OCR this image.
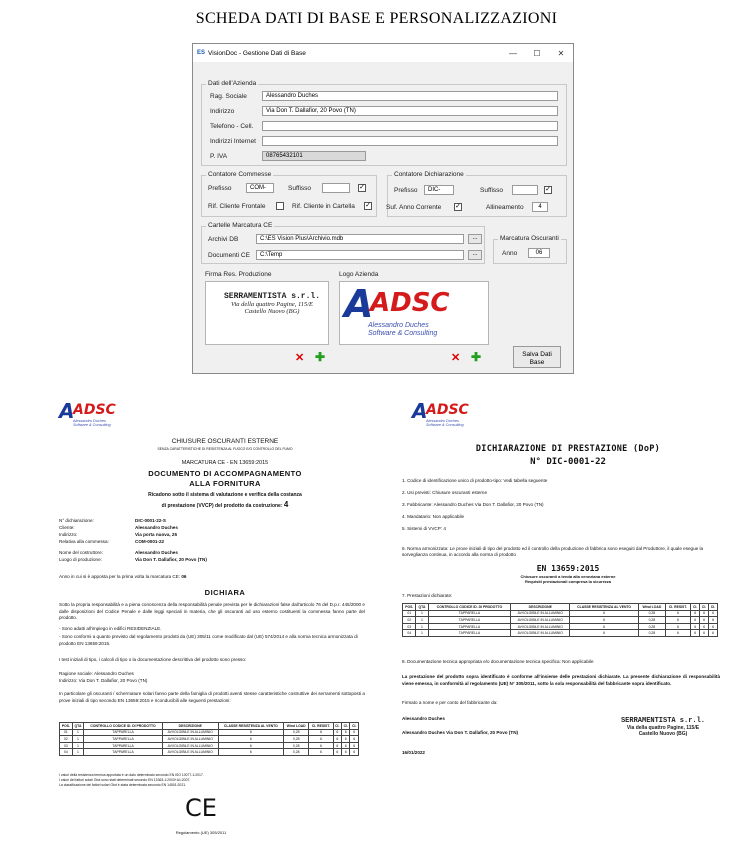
SCHEDA DATI DI BASE E PERSONALIZZAZIONI
ES VisionDoc - Gestione Dati di Base	—	☐	✕
Dati dell'Azienda
Rag. Sociale	Alessandro Duches
Indirizzo	Via Don T. Dallafior, 20 Povo (TN)
Telefono - Cell.
Indirizzi Internet
P. IVA	08765432101
Contatore Commesse
Prefisso	COM-	Suffisso	✓
Rif. Cliente Frontale	Rif. Cliente in Cartella ✓
Contatore Dichiarazione
Prefisso	DIC-	Suffisso	✓
Suf. Anno Corrente ✓	Allineamento	4
Cartelle Marcatura CE
Archivi DB	C:\ES Vision Plus\Archivio.mdb	...
Documenti CE	C:\Temp	...
Marcatura Oscuranti
Anno	06
Firma Res. Produzione
SERRAMENTISTA s.r.l.
Via della quattro Pagine, 115/E
Castello Nuovo (BG)
✕ ✚
Logo Azienda
A
ADSC
Alessandro Duches
Software & Consulting
✕ ✚	Salva Dati Base
A
ADSC
Alessandro Duches
Software & Consulting
CHIUSURE OSCURANTI ESTERNE
SENZA CARATTERISTICHE DI RESISTENZA AL FUOCO E/O CONTROLLO DEL FUMO
MARCATURA CE - EN 13659:2015
DOCUMENTO DI ACCOMPAGNAMENTO
ALLA FORNITURA
Ricadono sotto il sistema di valutazione e verifica della costanza
di prestazione (VVCP) del prodotto da costruzione: 4
N° dichiarazione:	DIC-0001-22-S
Cliente:	Alessandro Duches
Indirizzo:	Via porta nuova, 25
Relativa alla commessa:	COM-0001-22
Nome del costruttore:	Alessandro Duches
Luogo di produzione:	Via Don T. Dallafior, 20 Povo (TN)
Anno in cui si è apposta per la prima volta la marcatura CE: 06
DICHIARA
Sotto la propria responsabilità e a piena conoscenza della responsabilità penale prevista per le dichiarazioni false dall'articolo 76 del D.p.r. 445/2000 e dalle disposizioni del Codice Penale e dalle leggi speciali in materia, che gli oscuranti ad uso esterno costituenti la commessa fanno parte del prodotto.
- Sono adatti all'impiego in edifici RESIDENZIALE.
- Sono conformi a quanto previsto dal regolamento prodotti da (UE) 305/11 come modificato dal (UE) 574/2014 e alla norma tecnica armonizzata di prodotto EN 13659:2015.
I test iniziali di tipo, i calcoli di tipo o la documentazione descrittiva del prodotto sono presso:
Ragione sociale: Alessandro Duches
Indirizzo: Via Don T. Dallafior, 20 Povo (TN)
In particolare gli oscuranti / schermature solari fanno parte della famiglia di prodotti aventi stesse caratteristiche costruttive dei serramenti sottoposti a prove iniziali di tipo secondo EN 13659:2015 e riconducibili alle seguenti prestazioni:
POS.	QTA	CONTROLLO CODICE ID. DI PRODOTTO	DESCRIZIONE	CLASSE RESISTENZA AL VENTO	Wind LOAD	Cl. RESIST.	Cl.	Cl.	Cl.
01	1	TAPPARELLA	AVVOLGIBILE IN ALLUMINIO	6	0,28	6	6	6	6
02	1	TAPPARELLA	AVVOLGIBILE IN ALLUMINIO	6	0,28	6	6	6	6
03	1	TAPPARELLA	AVVOLGIBILE IN ALLUMINIO	6	0,28	6	6	6	6
04	1	TAPPARELLA	AVVOLGIBILE IN ALLUMINIO	6	0,28	6	6	6	6
I valori della resistenza termica apportata è un dato determinato secondo EN ISO 10077-1:2017.
I valori dei fattori solari Gtot sono stati determinati secondo EN 13363-1:2003+A1:2007.
La classificazione dei fattori solari Gtot è stata determinata secondo EN 14501:2021.
CE
Regolamento (UE) 305/2011
A
ADSC
Alessandro Duches
Software & Consulting
DICHIARAZIONE DI PRESTAZIONE (DoP)
N° DIC-0001-22
1. Codice di identificazione unico di prodotto-tipo: Vedi tabella seguente
2. Usi previsti: Chiusure oscuranti esterne
3. Fabbricante: Alessandro Duches Via Don T. Dallafior, 20 Povo (TN)
4. Mandatario: Non applicabile
5. Sistemi di VVCP: 4
6. Norma armonizzata: Le prove iniziali di tipo del prodotto ed il controllo della produzione di fabbrica sono eseguiti dal Produttore, il quale esegue la sorveglianza continua, in accordo alla norma di prodotto
EN 13659:2015
Chiusure oscuranti a tenda alla veneziana esterne
Requisiti prestazionali compresa la sicurezza
7. Prestazioni dichiarate:
POS.	QTA	CONTROLLO CODICE ID. DI PRODOTTO	DESCRIZIONE	CLASSE RESISTENZA AL VENTO	Wind LOAD	Cl. RESIST.	Cl.	Cl.	Cl.
01	1	TAPPARELLA	AVVOLGIBILE IN ALLUMINIO	6	0,28	6	6	6	6
02	1	TAPPARELLA	AVVOLGIBILE IN ALLUMINIO	6	0,28	6	6	6	6
03	1	TAPPARELLA	AVVOLGIBILE IN ALLUMINIO	6	0,28	6	6	6	6
04	1	TAPPARELLA	AVVOLGIBILE IN ALLUMINIO	6	0,28	6	6	6	6
8. Documentazione tecnica appropriata e/o documentazione tecnica specifica: Non applicabile
La prestazione del prodotto sopra identificato è conforme all'insieme delle prestazioni dichiarate. La presente dichiarazione di responsabilità viene emessa, in conformità al regolamento (UE) N° 305/2011, sotto la sola responsabilità del fabbricante sopra identificato.
Firmato a nome e per conto del fabbricante da:
Alessandro Duches
Alessandro Duches Via Don T. Dallafior, 20 Povo (TN)
16/01/2022
SERRAMENTISTA s.r.l.
Via della quattro Pagine, 115/E
Castello Nuovo (BG)
